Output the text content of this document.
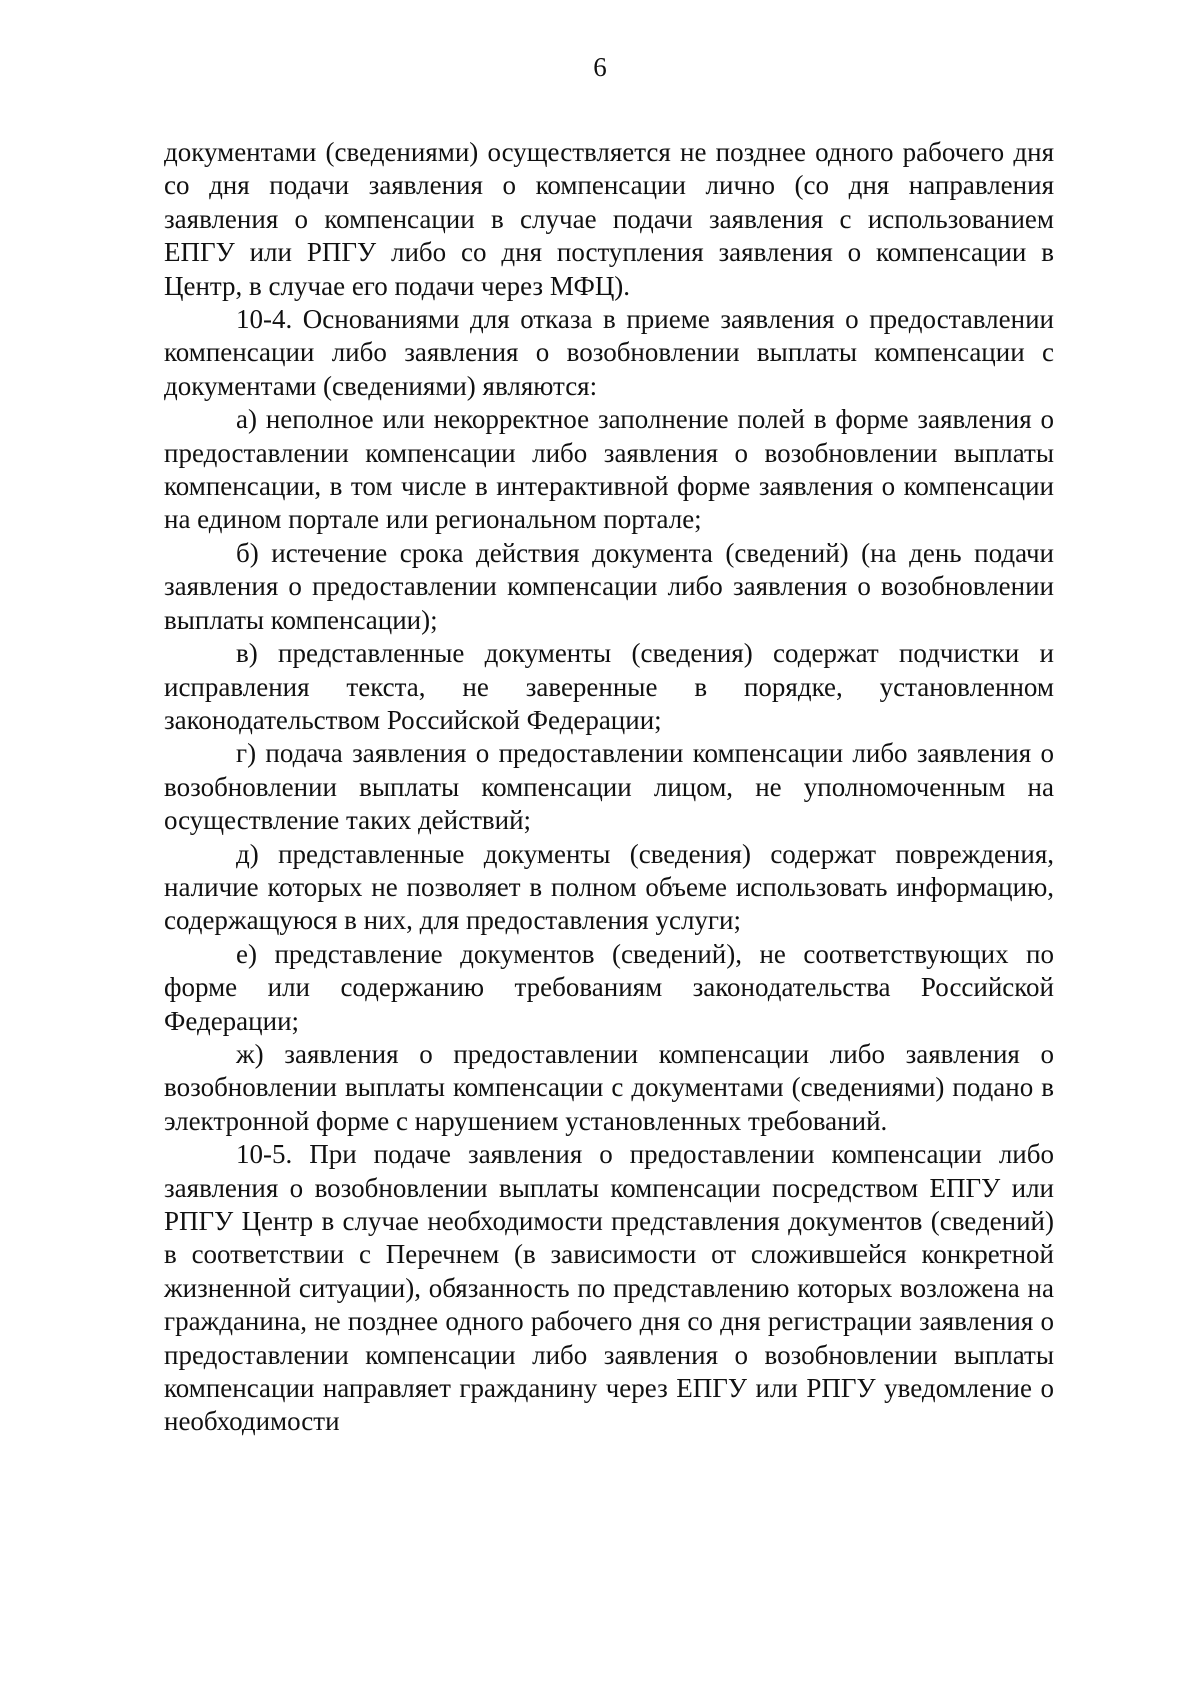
6

документами (сведениями) осуществляется не позднее одного рабочего дня со дня подачи заявления о компенсации лично (со дня направления заявления о компенсации в случае подачи заявления с использованием ЕПГУ или РПГУ либо со дня поступления заявления о компенсации в Центр, в случае его подачи через МФЦ).

10-4. Основаниями для отказа в приеме заявления о предоставлении компенсации либо заявления о возобновлении выплаты компенсации с документами (сведениями) являются:

а) неполное или некорректное заполнение полей в форме заявления о предоставлении компенсации либо заявления о возобновлении выплаты компенсации, в том числе в интерактивной форме заявления о компенсации на едином портале или региональном портале;

б) истечение срока действия документа (сведений) (на день подачи заявления о предоставлении компенсации либо заявления о возобновлении выплаты компенсации);

в) представленные документы (сведения) содержат подчистки и исправления текста, не заверенные в порядке, установленном законодательством Российской Федерации;

г) подача заявления о предоставлении компенсации либо заявления о возобновлении выплаты компенсации лицом, не уполномоченным на осуществление таких действий;

д) представленные документы (сведения) содержат повреждения, наличие которых не позволяет в полном объеме использовать информацию, содержащуюся в них, для предоставления услуги;

е) представление документов (сведений), не соответствующих по форме или содержанию требованиям законодательства Российской Федерации;

ж) заявления о предоставлении компенсации либо заявления о возобновлении выплаты компенсации с документами (сведениями) подано в электронной форме с нарушением установленных требований.

10-5. При подаче заявления о предоставлении компенсации либо заявления о возобновлении выплаты компенсации посредством ЕПГУ или РПГУ Центр в случае необходимости представления документов (сведений) в соответствии с Перечнем (в зависимости от сложившейся конкретной жизненной ситуации), обязанность по представлению которых возложена на гражданина, не позднее одного рабочего дня со дня регистрации заявления о предоставлении компенсации либо заявления о возобновлении выплаты компенсации направляет гражданину через ЕПГУ или РПГУ уведомление о необходимости
